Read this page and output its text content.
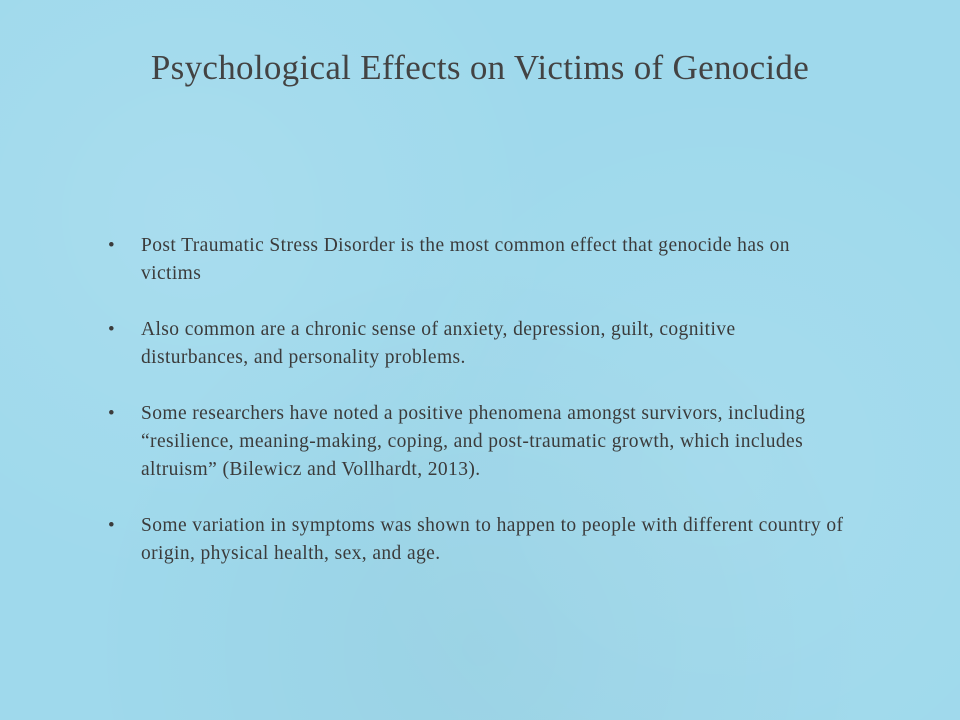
Psychological Effects on Victims of Genocide
• Post Traumatic Stress Disorder is the most common effect that genocide has on victims
• Also common are a chronic sense of anxiety, depression, guilt, cognitive disturbances, and personality problems.
• Some researchers have noted a positive phenomena amongst survivors, including “resilience, meaning-making, coping, and post-traumatic growth, which includes altruism” (Bilewicz and Vollhardt, 2013).
• Some variation in symptoms was shown to happen to people with different country of origin, physical health, sex, and age.
